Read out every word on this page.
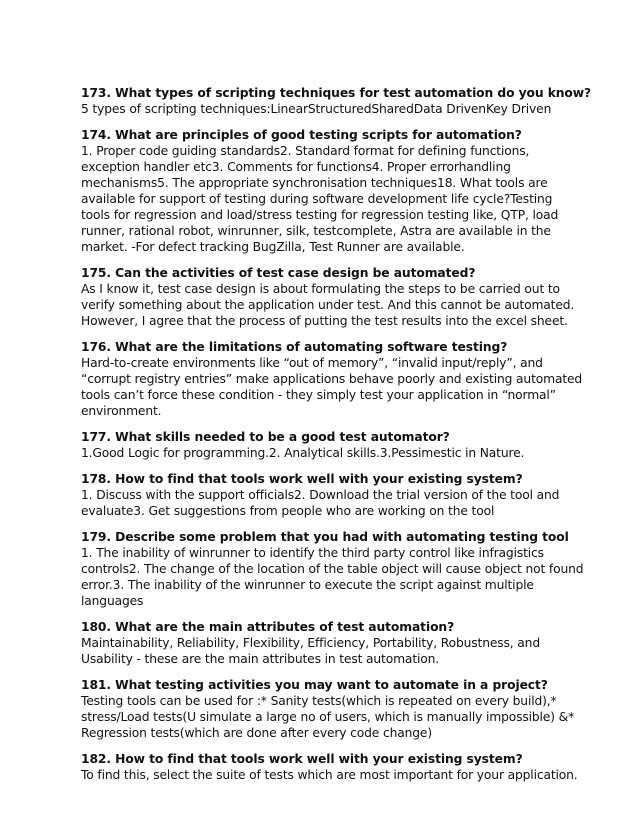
173. What types of scripting techniques for test automation do you know?
5 types of scripting techniques:LinearStructuredSharedData DrivenKey Driven
174. What are principles of good testing scripts for automation?
1. Proper code guiding standards2. Standard format for defining functions,
exception handler etc3. Comments for functions4. Proper errorhandling
mechanisms5. The appropriate synchronisation techniques18. What tools are
available for support of testing during software development life cycle?Testing
tools for regression and load/stress testing for regression testing like, QTP, load
runner, rational robot, winrunner, silk, testcomplete, Astra are available in the
market. -For defect tracking BugZilla, Test Runner are available.
175. Can the activities of test case design be automated?
As I know it, test case design is about formulating the steps to be carried out to
verify something about the application under test. And this cannot be automated.
However, I agree that the process of putting the test results into the excel sheet.
176. What are the limitations of automating software testing?
Hard-to-create environments like “out of memory”, “invalid input/reply”, and
“corrupt registry entries” make applications behave poorly and existing automated
tools can’t force these condition - they simply test your application in “normal”
environment.
177. What skills needed to be a good test automator?
1.Good Logic for programming.2. Analytical skills.3.Pessimestic in Nature.
178. How to find that tools work well with your existing system?
1. Discuss with the support officials2. Download the trial version of the tool and
evaluate3. Get suggestions from people who are working on the tool
179. Describe some problem that you had with automating testing tool
1. The inability of winrunner to identify the third party control like infragistics
controls2. The change of the location of the table object will cause object not found
error.3. The inability of the winrunner to execute the script against multiple
languages
180. What are the main attributes of test automation?
Maintainability, Reliability, Flexibility, Efficiency, Portability, Robustness, and
Usability - these are the main attributes in test automation.
181. What testing activities you may want to automate in a project?
Testing tools can be used for :* Sanity tests(which is repeated on every build),*
stress/Load tests(U simulate a large no of users, which is manually impossible) &*
Regression tests(which are done after every code change)
182. How to find that tools work well with your existing system?
To find this, select the suite of tests which are most important for your application.
